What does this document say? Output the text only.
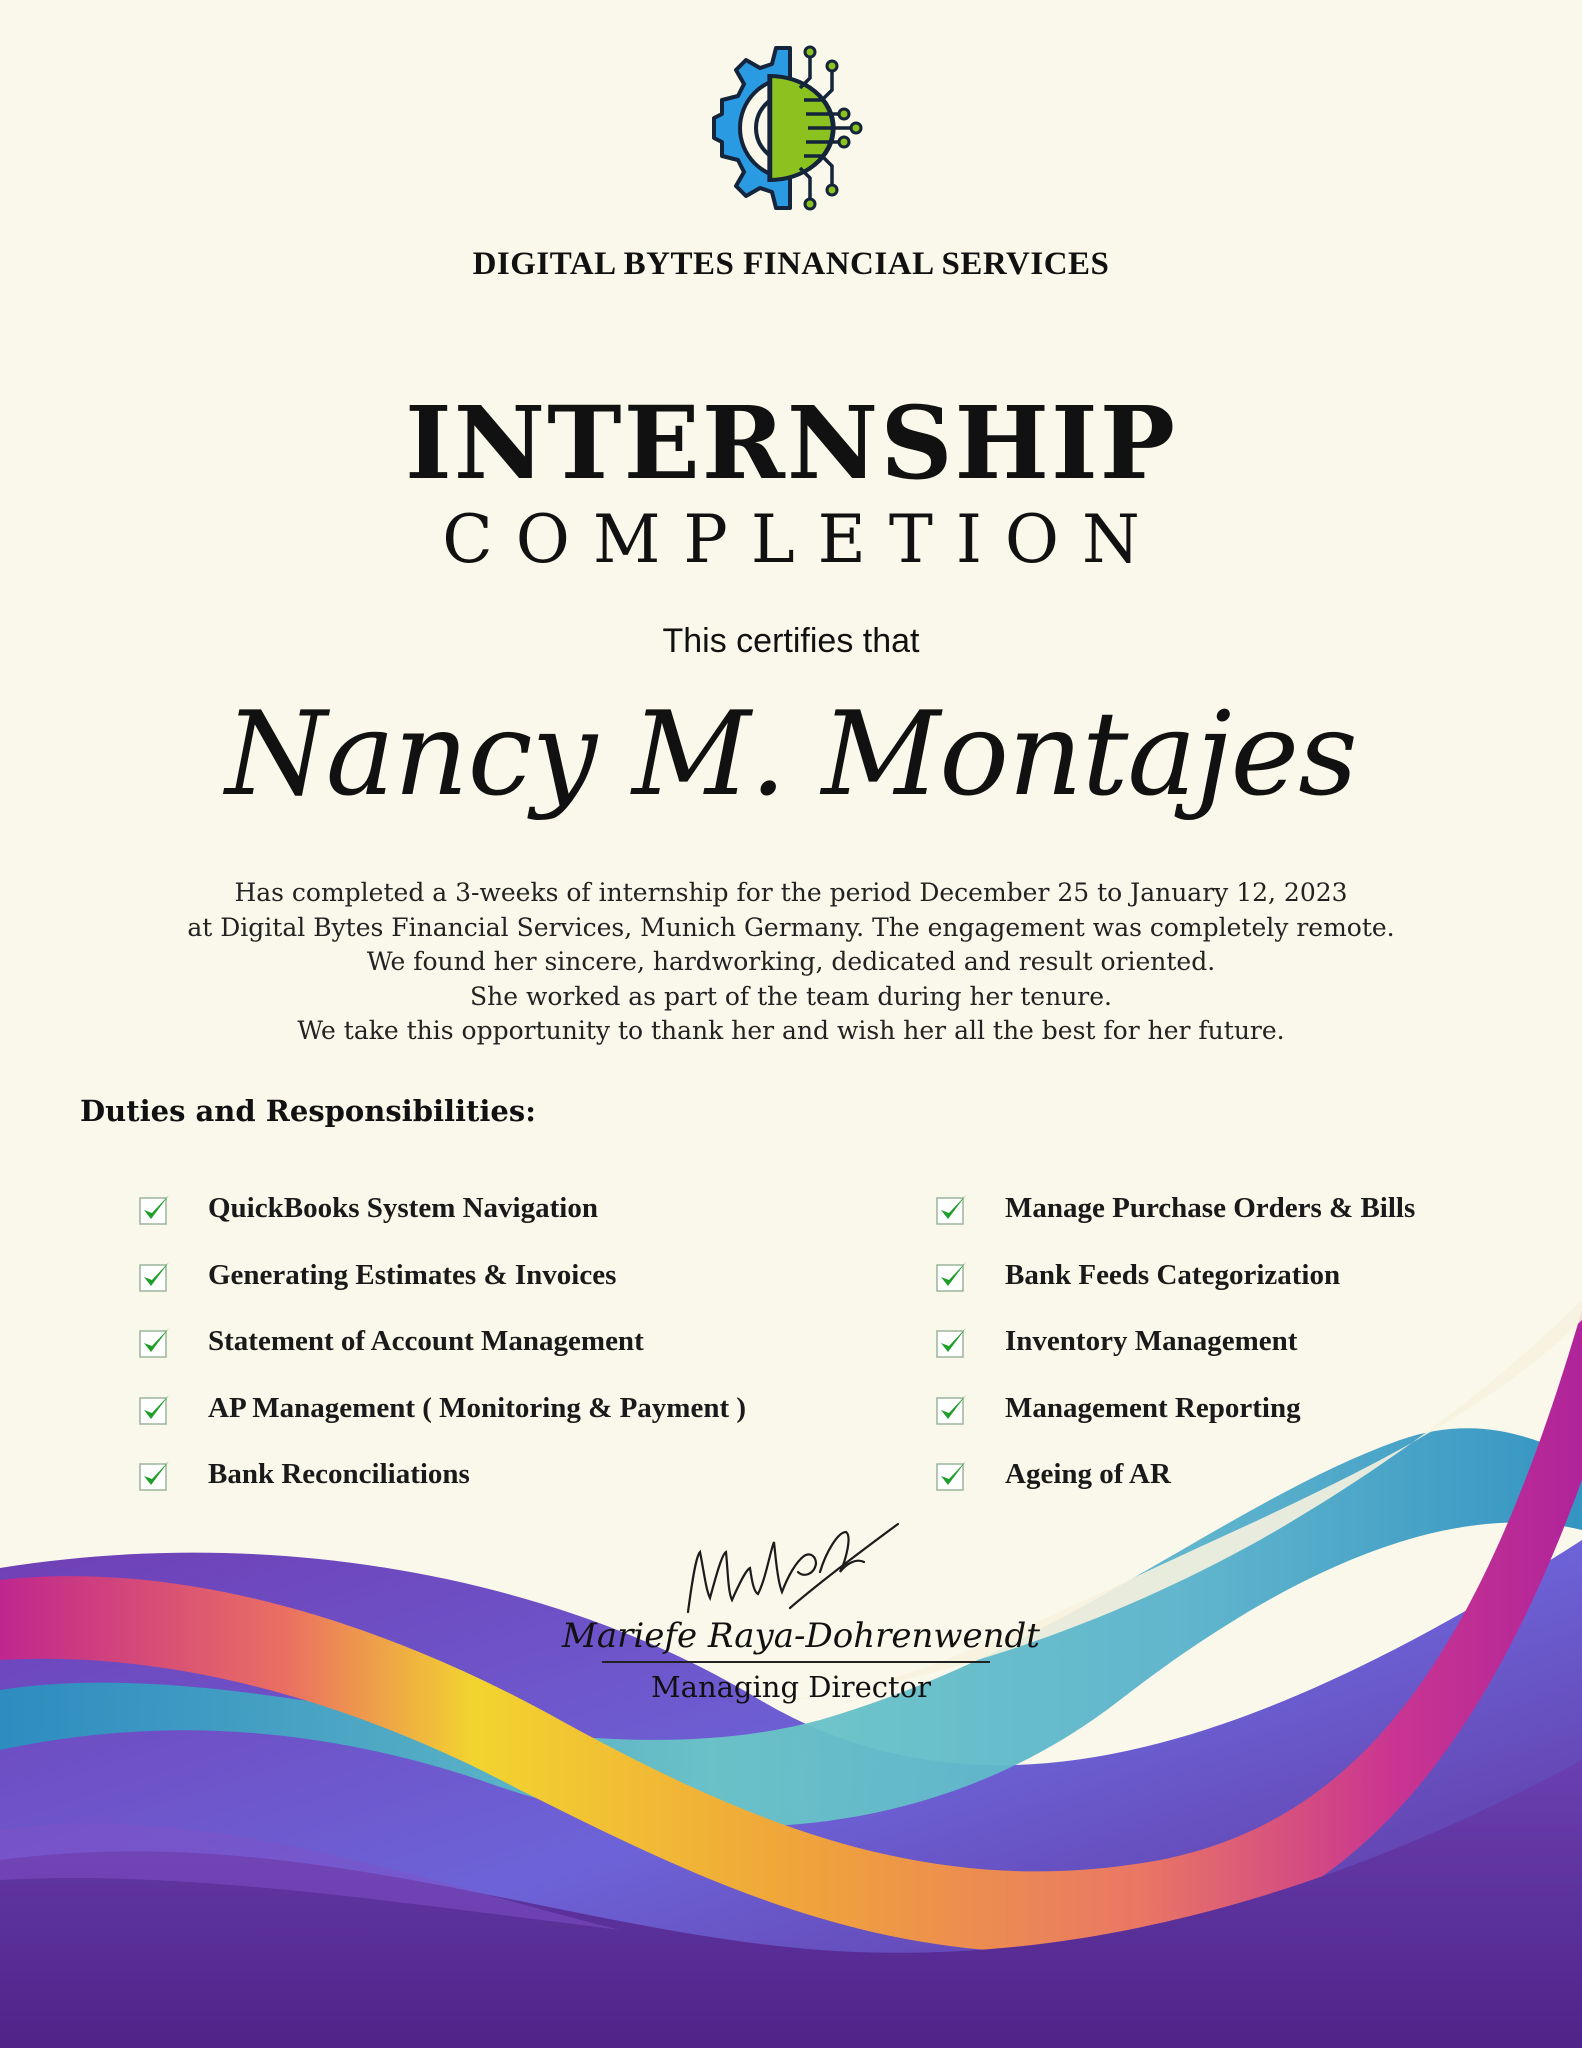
DIGITAL BYTES FINANCIAL SERVICES
INTERNSHIP
COMPLETION
This certifies that
Nancy M. Montajes
Has completed a 3-weeks of internship for the period December 25 to January 12, 2023
at Digital Bytes Financial Services, Munich Germany. The engagement was completely remote.
We found her sincere, hardworking, dedicated and result oriented.
She worked as part of the team during her tenure.
We take this opportunity to thank her and wish her all the best for her future.
Duties and Responsibilities:
QuickBooks System Navigation
Generating Estimates & Invoices
Statement of Account Management
AP Management ( Monitoring & Payment )
Bank Reconciliations
Manage Purchase Orders & Bills
Bank Feeds Categorization
Inventory Management
Management Reporting
Ageing of AR
Mariefe Raya-Dohrenwendt
Managing Director
